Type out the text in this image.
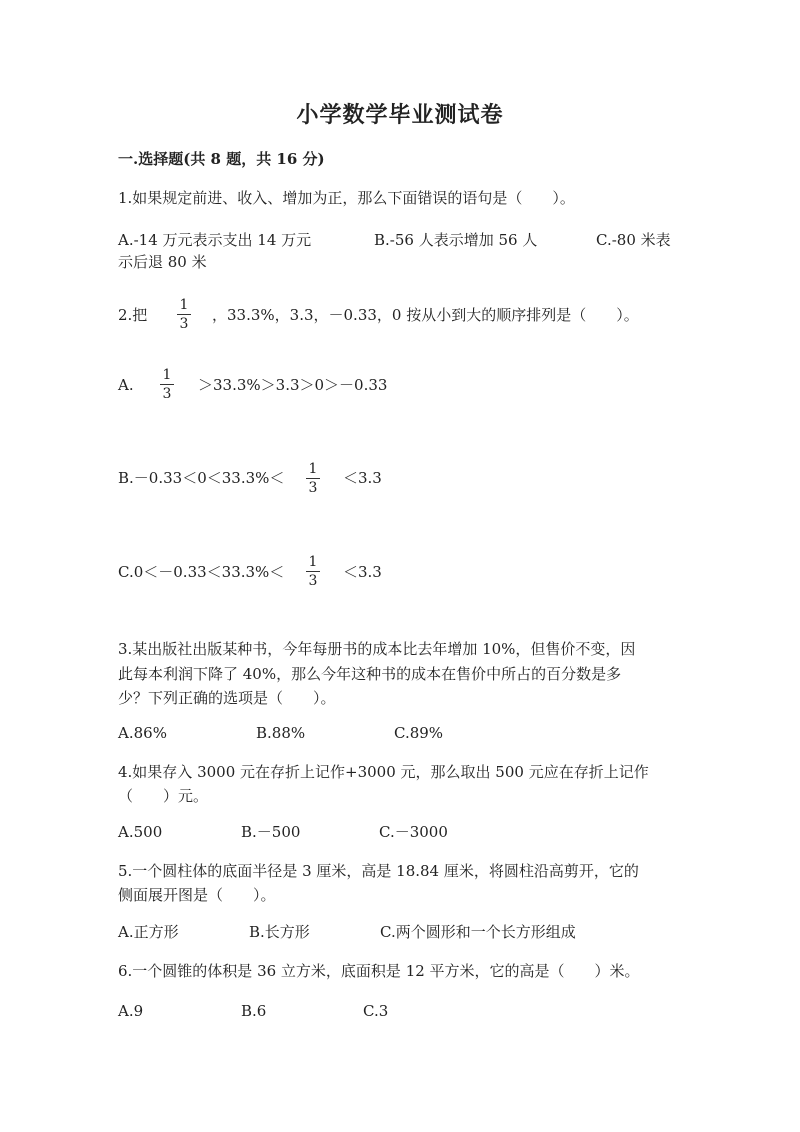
小学数学毕业测试卷
一.选择题(共 8 题，共 16 分)
1.如果规定前进、收入、增加为正，那么下面错误的语句是（　　）。
A.-14 万元表示支出 14 万元	B.-56 人表示增加 56 人	C.-80 米表
示后退 80 米
2.把
1
3 ，33.3%，3.3，－0.33，0 按从小到大的顺序排列是（　　）。
A.
1
3 ＞33.3%＞3.3＞0＞－0.33
B.－0.33＜0＜33.3%＜ 1
3
＜3.3
C.0＜－0.33＜33.3%＜
1
3 ＜3.3
3.某出版社出版某种书，今年每册书的成本比去年增加 10%，但售价不变，因
此每本利润下降了 40%，那么今年这种书的成本在售价中所占的百分数是多
少？下列正确的选项是（　　）。
A.86%	B.88%	C.89%
4.如果存入 3000 元在存折上记作+3000 元，那么取出 500 元应在存折上记作
（　　）元。
A.500	B.－500	C.－3000
5.一个圆柱体的底面半径是 3 厘米，高是 18.84 厘米，将圆柱沿高剪开，它的
侧面展开图是（　　）。
A.正方形	B.长方形	C.两个圆形和一个长方形组成
6.一个圆锥的体积是 36 立方米，底面积是 12 平方米，它的高是（　　）米。
A.9	B.6	C.3
